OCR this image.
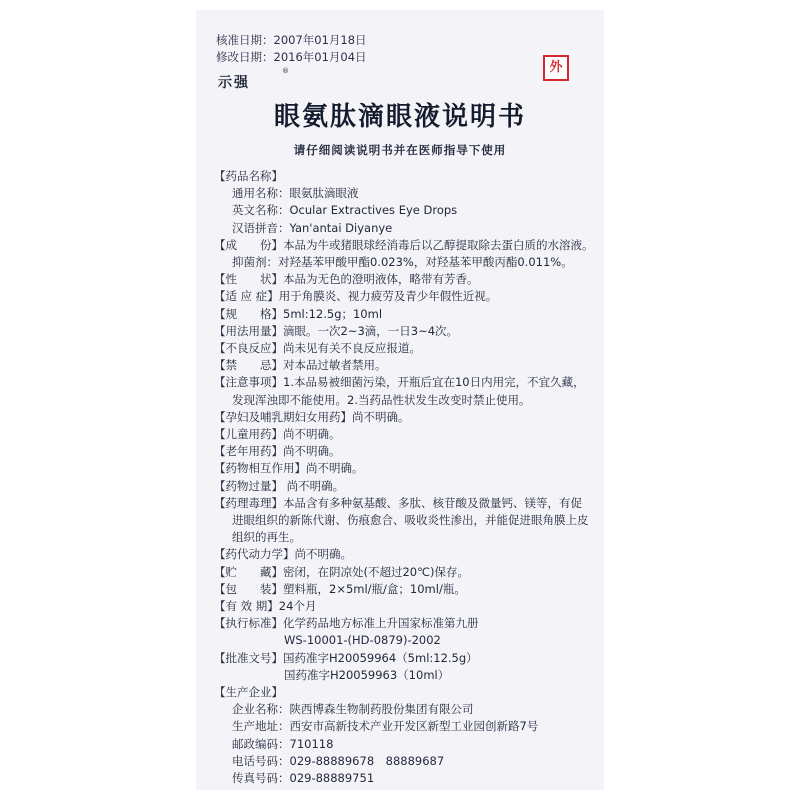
核准日期：2007年01月18日
修改日期：2016年01月04日
示强
®	外
眼氨肽滴眼液说明书
请仔细阅读说明书并在医师指导下使用
【药品名称】
通用名称：眼氨肽滴眼液
英文名称：Ocular Extractives Eye Drops
汉语拼音：Yan'antai Diyanye
【成　　份】本品为牛或猪眼球经消毒后以乙醇提取除去蛋白质的水溶液。
抑菌剂：对羟基苯甲酸甲酯0.023%，对羟基苯甲酸丙酯0.011%。
【性　　状】本品为无色的澄明液体，略带有芳香。
【适 应 症】用于角膜炎、视力疲劳及青少年假性近视。
【规　　格】5ml:12.5g；10ml
【用法用量】滴眼。一次2~3滴，一日3~4次。
【不良反应】尚未见有关不良反应报道。
【禁　　忌】对本品过敏者禁用。
【注意事项】1.本品易被细菌污染，开瓶后宜在10日内用完，不宜久藏，
发现浑浊即不能使用。2.当药品性状发生改变时禁止使用。
【孕妇及哺乳期妇女用药】尚不明确。
【儿童用药】尚不明确。
【老年用药】尚不明确。
【药物相互作用】尚不明确。
【药物过量】 尚不明确。
【药理毒理】本品含有多种氨基酸、多肽、核苷酸及微量钙、镁等，有促
进眼组织的新陈代谢、伤痕愈合、吸收炎性渗出，并能促进眼角膜上皮
组织的再生。
【药代动力学】尚不明确。
【贮　　藏】密闭，在阴凉处(不超过20℃)保存。
【包　　装】塑料瓶，2×5ml/瓶/盒；10ml/瓶。
【有 效 期】24个月
【执行标准】化学药品地方标准上升国家标准第九册
WS-10001-(HD-0879)-2002
【批准文号】国药准字H20059964（5ml:12.5g）
国药准字H20059963（10ml）
【生产企业】
企业名称：陕西博森生物制药股份集团有限公司
生产地址：西安市高新技术产业开发区新型工业园创新路7号
邮政编码：710118
电话号码：029-88889678　88889687
传真号码：029-88889751
